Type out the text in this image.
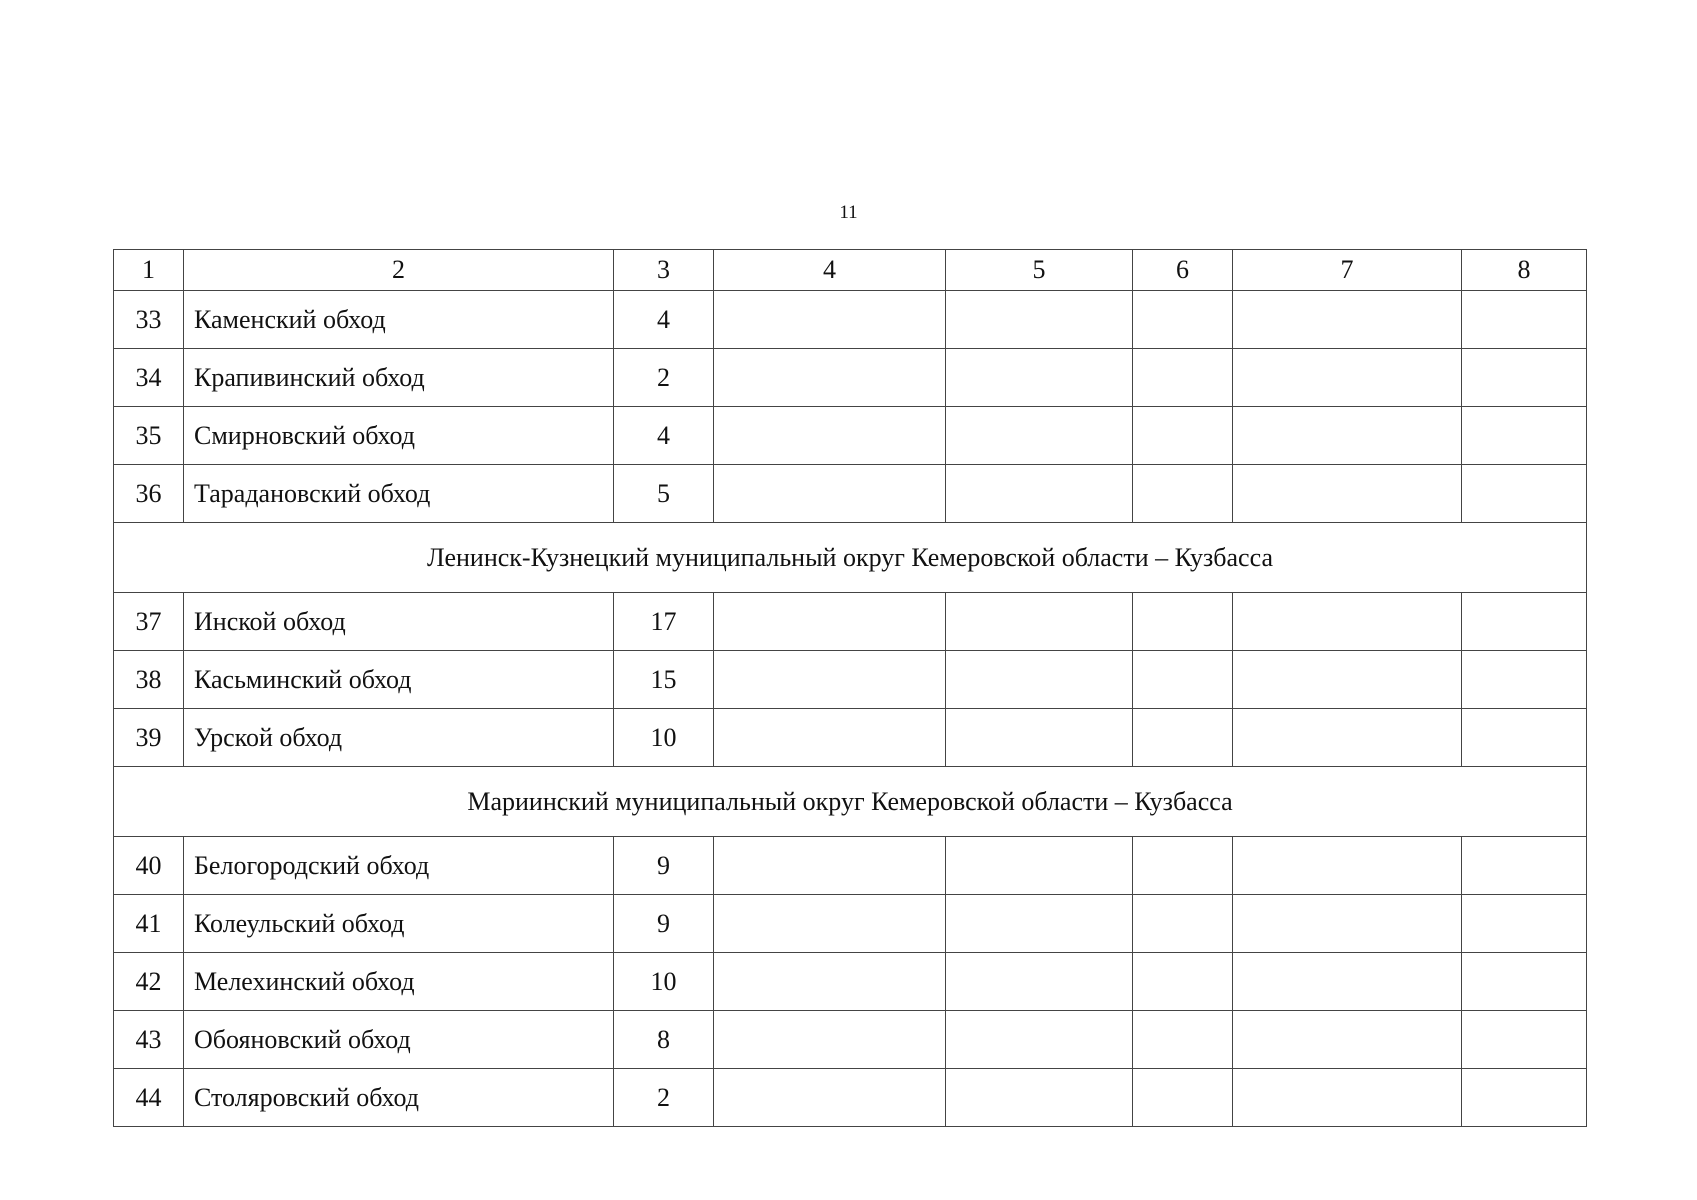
11
1	2	3	4	5	6	7	8
33	Каменский обход	4					
34	Крапивинский обход	2					
35	Смирновский обход	4					
36	Тарадановский обход	5					
Ленинск-Кузнецкий муниципальный округ Кемеровской области – Кузбасса							
37	Инской обход	17					
38	Касьминский обход	15					
39	Урской обход	10					
Мариинский муниципальный округ Кемеровской области – Кузбасса							
40	Белогородский обход	9					
41	Колеульский обход	9					
42	Мелехинский обход	10					
43	Обояновский обход	8					
44	Столяровский обход	2					
